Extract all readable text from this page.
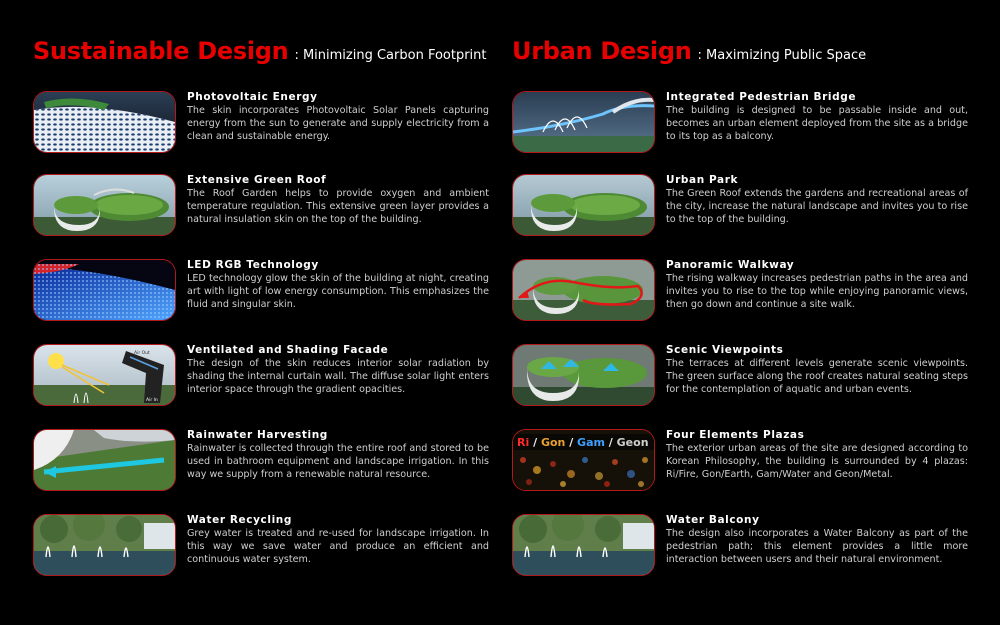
Sustainable Design : Minimizing Carbon Footprint
Photovoltaic Energy
The skin incorporates Photovoltaic Solar Panels capturing energy from the sun to generate and supply electricity from a clean and sustainable energy.
Extensive Green Roof
The Roof Garden helps to provide oxygen and ambient temperature regulation. This extensive green layer provides a natural insulation skin on the top of the building.
LED RGB Technology
LED technology glow the skin of the building at night, creating art with light of low energy consumption. This emphasizes the fluid and singular skin.
Air Out
Air In
Ventilated and Shading Facade
The design of the skin reduces interior solar radiation by shading the internal curtain wall. The diffuse solar light enters interior space through the gradient opacities.
Rainwater Harvesting
Rainwater is collected through the entire roof and stored to be used in bathroom equipment and landscape irrigation. In this way we supply from a renewable natural resource.
Water Recycling
Grey water is treated and re-used for landscape irrigation. In this way we save water and produce an efficient and continuous water system.
Urban Design : Maximizing Public Space
Integrated Pedestrian Bridge
The building is designed to be passable inside and out, becomes an urban element deployed from the site as a bridge to its top as a balcony.
Urban Park
The Green Roof extends the gardens and recreational areas of the city, increase the natural landscape and invites you to rise to the top of the building.
Panoramic Walkway
The rising walkway increases pedestrian paths in the area and invites you to rise to the top while enjoying panoramic views, then go down and continue a site walk.
Scenic Viewpoints
The terraces at different levels generate scenic viewpoints. The green surface along the roof creates natural seating steps for the contemplation of aquatic and urban events.
Ri / Gon / Gam / Geon
Four Elements Plazas
The exterior urban areas of the site are designed according to Korean Philosophy, the building is surrounded by 4 plazas: Ri/Fire, Gon/Earth, Gam/Water and Geon/Metal.
Water Balcony
The design also incorporates a Water Balcony as part of the pedestrian path; this element provides a little more interaction between users and their natural environment.
